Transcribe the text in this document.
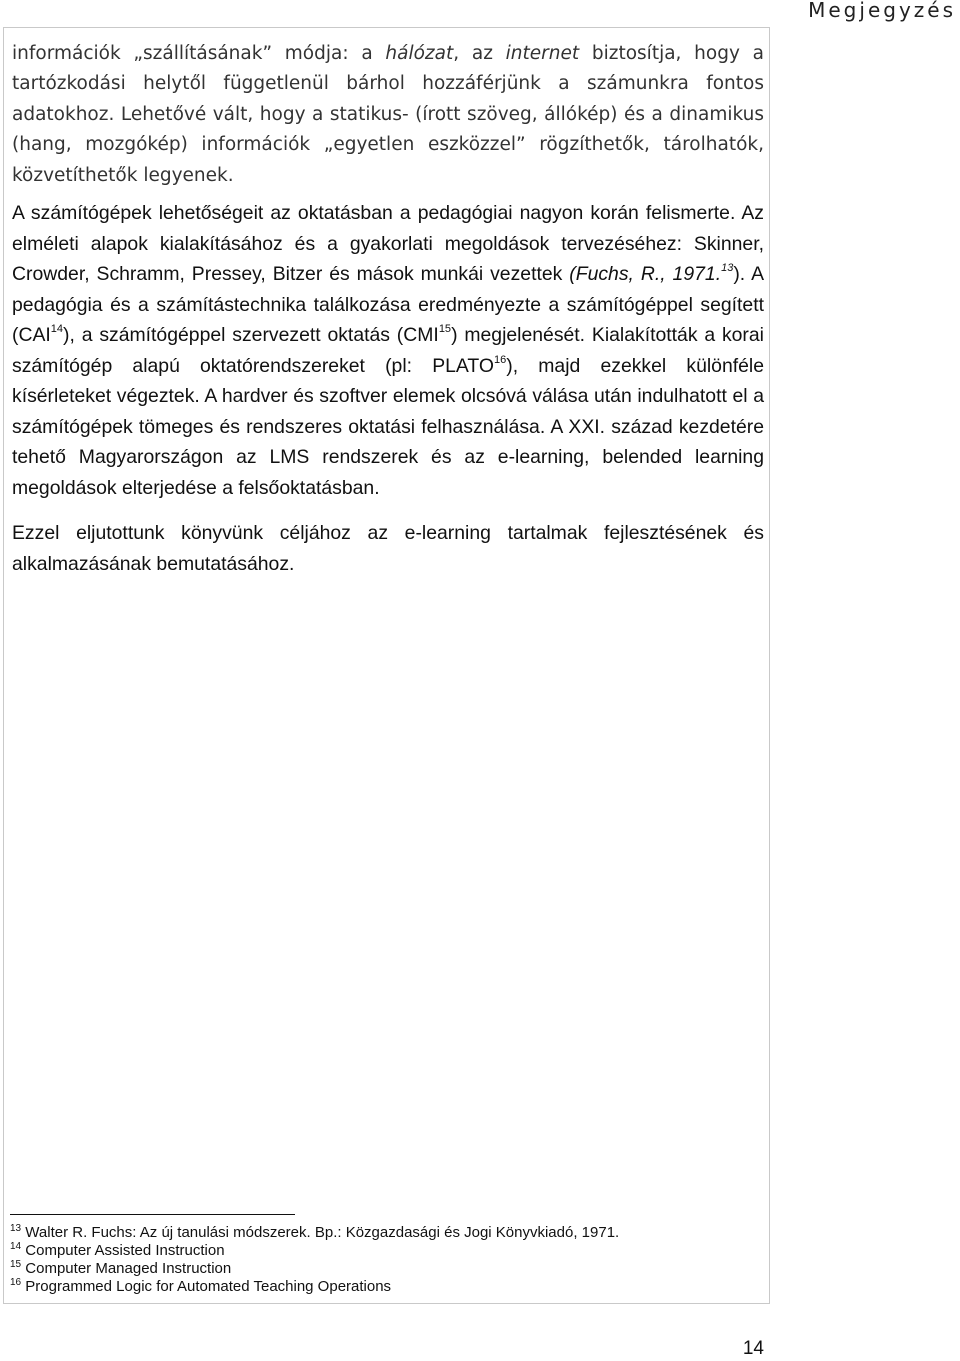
Megjegyzés

információk „szállításának” módja: a hálózat, az internet biztosítja, hogy a tartózkodási helytől függetlenül bárhol hozzáférjünk a számunkra fontos adatokhoz. Lehetővé vált, hogy a statikus- (írott szöveg, állókép) és a dinamikus (hang, mozgókép) információk „egyetlen eszközzel” rögzíthetők, tárolhatók, közvetíthetők legyenek.

A számítógépek lehetőségeit az oktatásban a pedagógiai nagyon korán felismerte. Az elméleti alapok kialakításához és a gyakorlati megoldások tervezéséhez: Skinner, Crowder, Schramm, Pressey, Bitzer és mások munkái vezettek (Fuchs, R., 1971.13). A pedagógia és a számítástechnika találkozása eredményezte a számítógéppel segített (CAI$^{14}$), a számítógéppel szervezett oktatás (CMI$^{15}$) megjelenését. Kialakították a korai számítógép alapú oktatórendszereket (pl: PLATO$^{16}$), majd ezekkel különféle kísérleteket végeztek. A hardver és szoftver elemek olcsóvá válása után indulhatott el a számítógépek tömeges és rendszeres oktatási felhasználása. A XXI. század kezdetére tehető Magyarországon az LMS rendszerek és az e-learning, belended learning megoldások elterjedése a felsőoktatásban.

Ezzel eljutottunk könyvünk céljához az e-learning tartalmak fejlesztésének és alkalmazásának bemutatásához.

$^{13}$ Walter R. Fuchs: Az új tanulási módszerek. Bp.: Közgazdasági és Jogi Könyvkiadó, 1971.
$^{14}$ Computer Assisted Instruction
$^{15}$ Computer Managed Instruction
$^{16}$ Programmed Logic for Automated Teaching Operations
14
